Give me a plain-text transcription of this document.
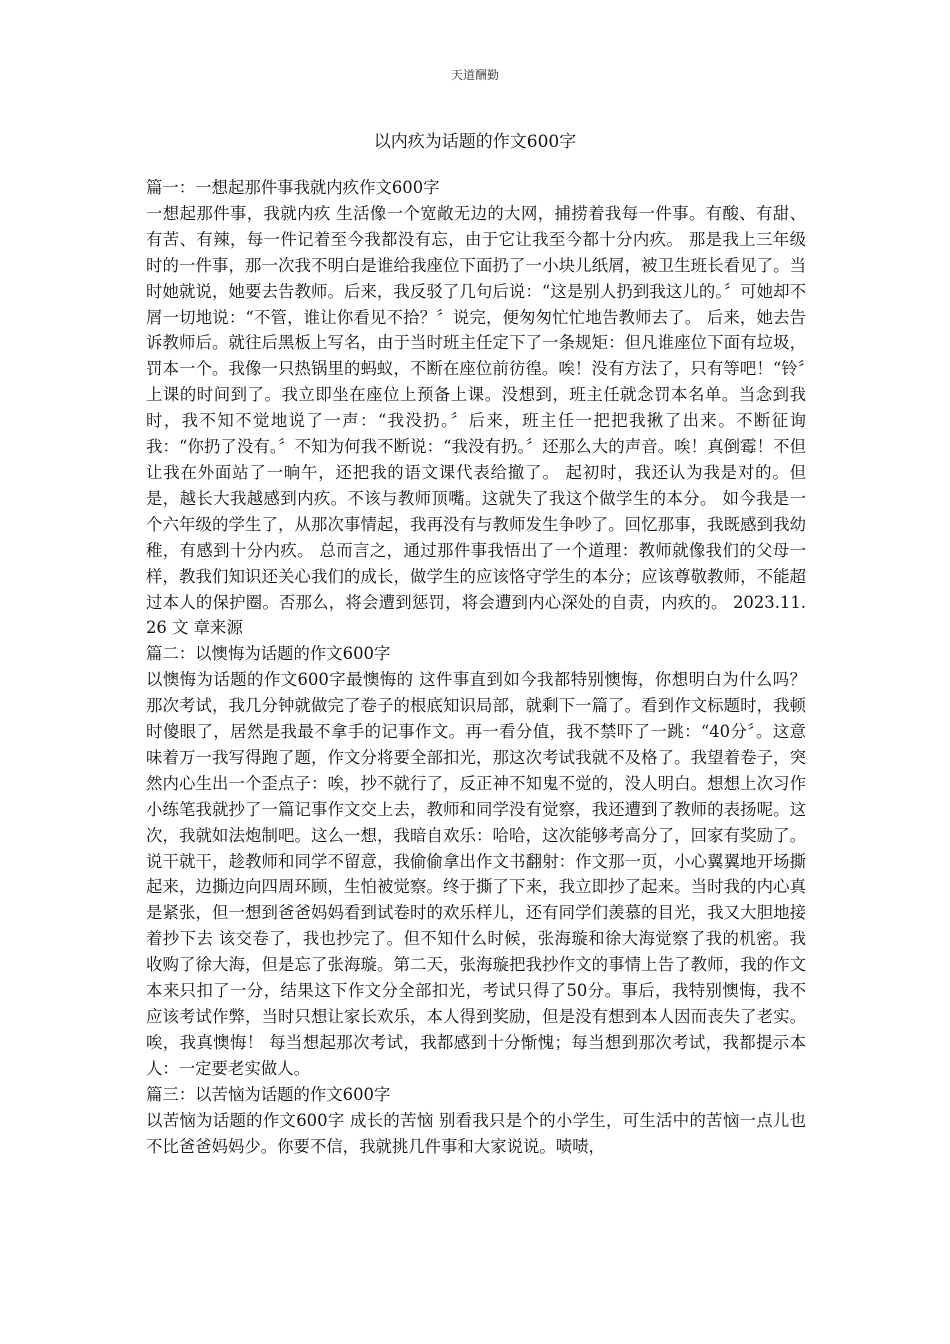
天道酬勤
以内疚为话题的作文600字
篇一：一想起那件事我就内疚作文600字
一想起那件事，我就内疚 生活像一个宽敞无边的大网，捕捞着我每一件事。有酸、有甜、有苦、有辣，每一件记着至今我都没有忘，由于它让我至今都十分内疚。 那是我上三年级时的一件事，那一次我不明白是谁给我座位下面扔了一小块儿纸屑，被卫生班长看见了。当时她就说，她要去告教师。后来，我反驳了几句后说：“这是别人扔到我这儿的。〞可她却不屑一切地说：“不管，谁让你看见不拾？〞说完，便匆匆忙忙地告教师去了。 后来，她去告诉教师后。就往后黑板上写名，由于当时班主任定下了一条规矩：但凡谁座位下面有垃圾，罚本一个。我像一只热锅里的蚂蚁，不断在座位前彷徨。唉！没有方法了，只有等吧！“铃〞上课的时间到了。我立即坐在座位上预备上课。没想到，班主任就念罚本名单。当念到我时，我不知不觉地说了一声：“我没扔。〞后来，班主任一把把我揪了出来。不断征询我：“你扔了没有。〞不知为何我不断说：“我没有扔。〞还那么大的声音。唉！真倒霉！不但让我在外面站了一晌午，还把我的语文课代表给撤了。 起初时，我还认为我是对的。但是，越长大我越感到内疚。不该与教师顶嘴。这就失了我这个做学生的本分。 如今我是一个六年级的学生了，从那次事情起，我再没有与教师发生争吵了。回忆那事，我既感到我幼稚，有感到十分内疚。 总而言之，通过那件事我悟出了一个道理：教师就像我们的父母一样，教我们知识还关心我们的成长，做学生的应该恪守学生的本分；应该尊敬教师，不能超过本人的保护圈。否那么，将会遭到惩罚，将会遭到内心深处的自责，内疚的。 2023.11.26 文 章来源
篇二：以懊悔为话题的作文600字
以懊悔为话题的作文600字最懊悔的 这件事直到如今我都特别懊悔，你想明白为什么吗？ 那次考试，我几分钟就做完了卷子的根底知识局部，就剩下一篇了。看到作文标题时，我顿时傻眼了，居然是我最不拿手的记事作文。再一看分值，我不禁吓了一跳：“40分〞。这意味着万一我写得跑了题，作文分将要全部扣光，那这次考试我就不及格了。我望着卷子，突然内心生出一个歪点子：唉，抄不就行了，反正神不知鬼不觉的，没人明白。想想上次习作小练笔我就抄了一篇记事作文交上去，教师和同学没有觉察，我还遭到了教师的表扬呢。这次，我就如法炮制吧。这么一想，我暗自欢乐：哈哈，这次能够考高分了，回家有奖励了。 说干就干，趁教师和同学不留意，我偷偷拿出作文书翻射：作文那一页，小心翼翼地开场撕起来，边撕边向四周环顾，生怕被觉察。终于撕了下来，我立即抄了起来。当时我的内心真是紧张，但一想到爸爸妈妈看到试卷时的欢乐样儿，还有同学们羡慕的目光，我又大胆地接着抄下去 该交卷了，我也抄完了。但不知什么时候，张海璇和徐大海觉察了我的机密。我收购了徐大海，但是忘了张海璇。第二天，张海璇把我抄作文的事情上告了教师，我的作文本来只扣了一分，结果这下作文分全部扣光，考试只得了50分。事后，我特别懊悔，我不应该考试作弊，当时只想让家长欢乐，本人得到奖励，但是没有想到本人因而丧失了老实。唉，我真懊悔！ 每当想起那次考试，我都感到十分惭愧；每当想到那次考试，我都提示本人：一定要老实做人。
篇三：以苦恼为话题的作文600字
以苦恼为话题的作文600字 成长的苦恼 别看我只是个的小学生，可生活中的苦恼一点儿也不比爸爸妈妈少。你要不信，我就挑几件事和大家说说。啧啧，
